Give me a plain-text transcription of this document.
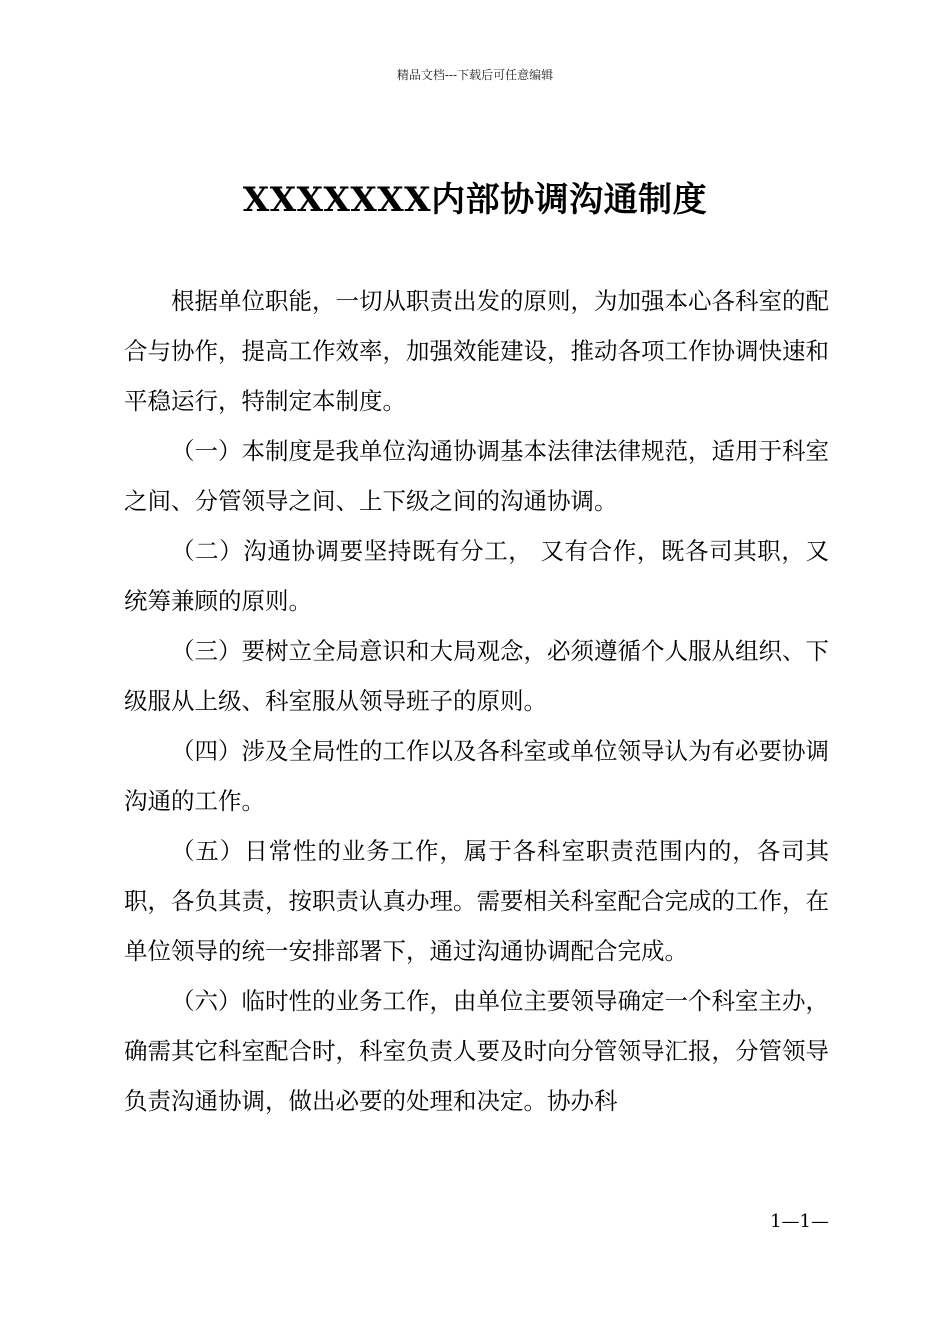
精品文档---下载后可任意编辑
XXXXXXX内部协调沟通制度

根据单位职能，一切从职责出发的原则，为加强本心各科室的配合与协作，提高工作效率，加强效能建设，推动各项工作协调快速和平稳运行，特制定本制度。

（一）本制度是我单位沟通协调基本法律法律规范，适用于科室之间、分管领导之间、上下级之间的沟通协调。

（二）沟通协调要坚持既有分工， 又有合作，既各司其职，又统筹兼顾的原则。

（三）要树立全局意识和大局观念，必须遵循个人服从组织、下级服从上级、科室服从领导班子的原则。

（四）涉及全局性的工作以及各科室或单位领导认为有必要协调沟通的工作。

（五）日常性的业务工作，属于各科室职责范围内的，各司其职，各负其责，按职责认真办理。需要相关科室配合完成的工作，在单位领导的统一安排部署下，通过沟通协调配合完成。

（六）临时性的业务工作，由单位主要领导确定一个科室主办，确需其它科室配合时，科室负责人要及时向分管领导汇报，分管领导负责沟通协调，做出必要的处理和决定。协办科

1—1—
